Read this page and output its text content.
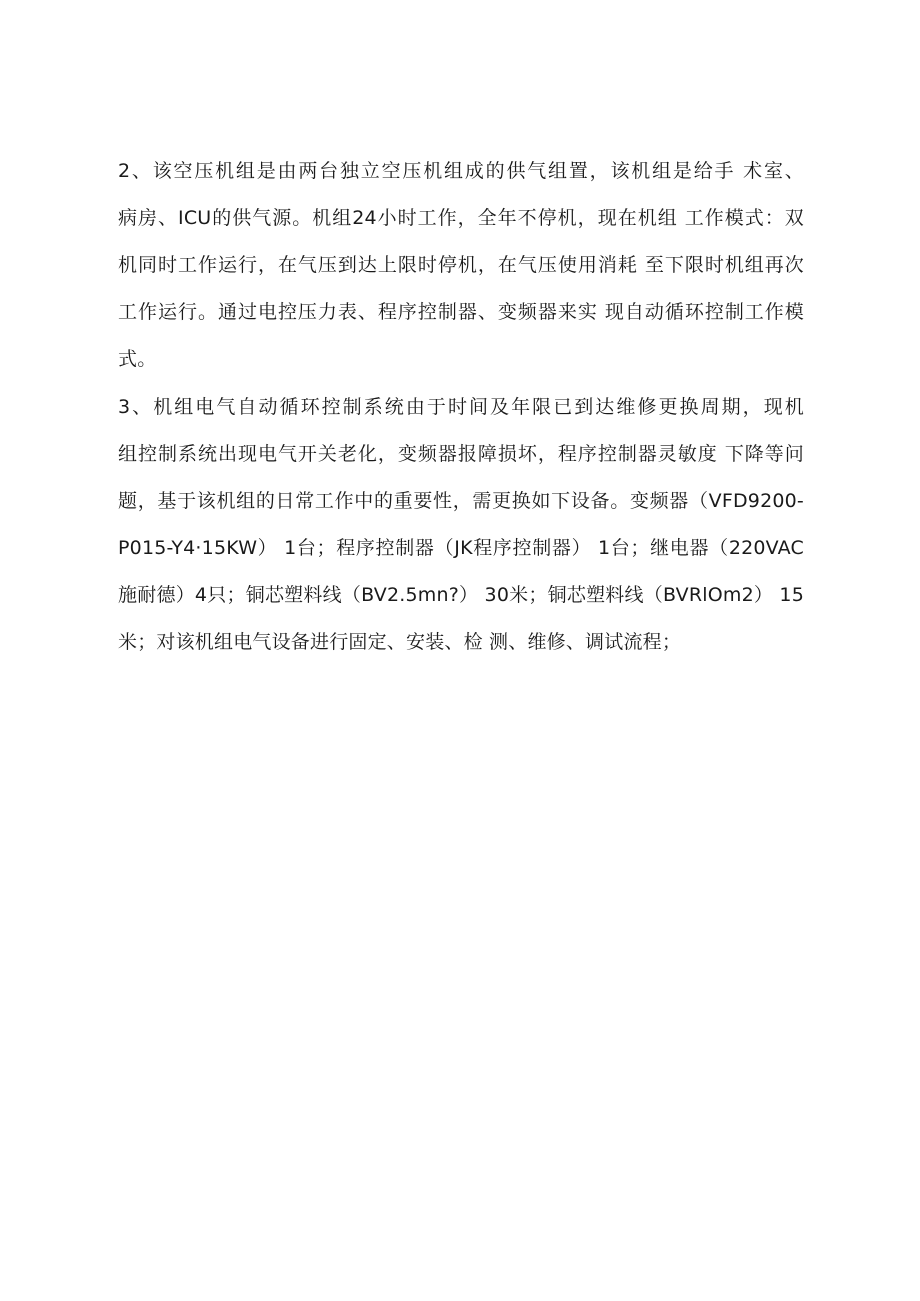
2、该空压机组是由两台独立空压机组成的供气组置，该机组是给手 术室、
病房、ICU的供气源。机组24小时工作，全年不停机，现在机组 工作模式：双
机同时工作运行，在气压到达上限时停机，在气压使用消耗 至下限时机组再次
工作运行。通过电控压力表、程序控制器、变频器来实 现自动循环控制工作模
式。
3、机组电气自动循环控制系统由于时间及年限已到达维修更换周期，现机
组控制系统出现电气开关老化，变频器报障损坏，程序控制器灵敏度 下降等问
题，基于该机组的日常工作中的重要性，需更换如下设备。变频器（VFD9200-
P015-Y4·15KW） 1台；程序控制器（JK程序控制器） 1台；继电器（220VAC
施耐德）4只；铜芯塑料线（BV2.5mn?） 30米；铜芯塑料线（BVRlOm2） 15
米；对该机组电气设备进行固定、安装、检 测、维修、调试流程；
